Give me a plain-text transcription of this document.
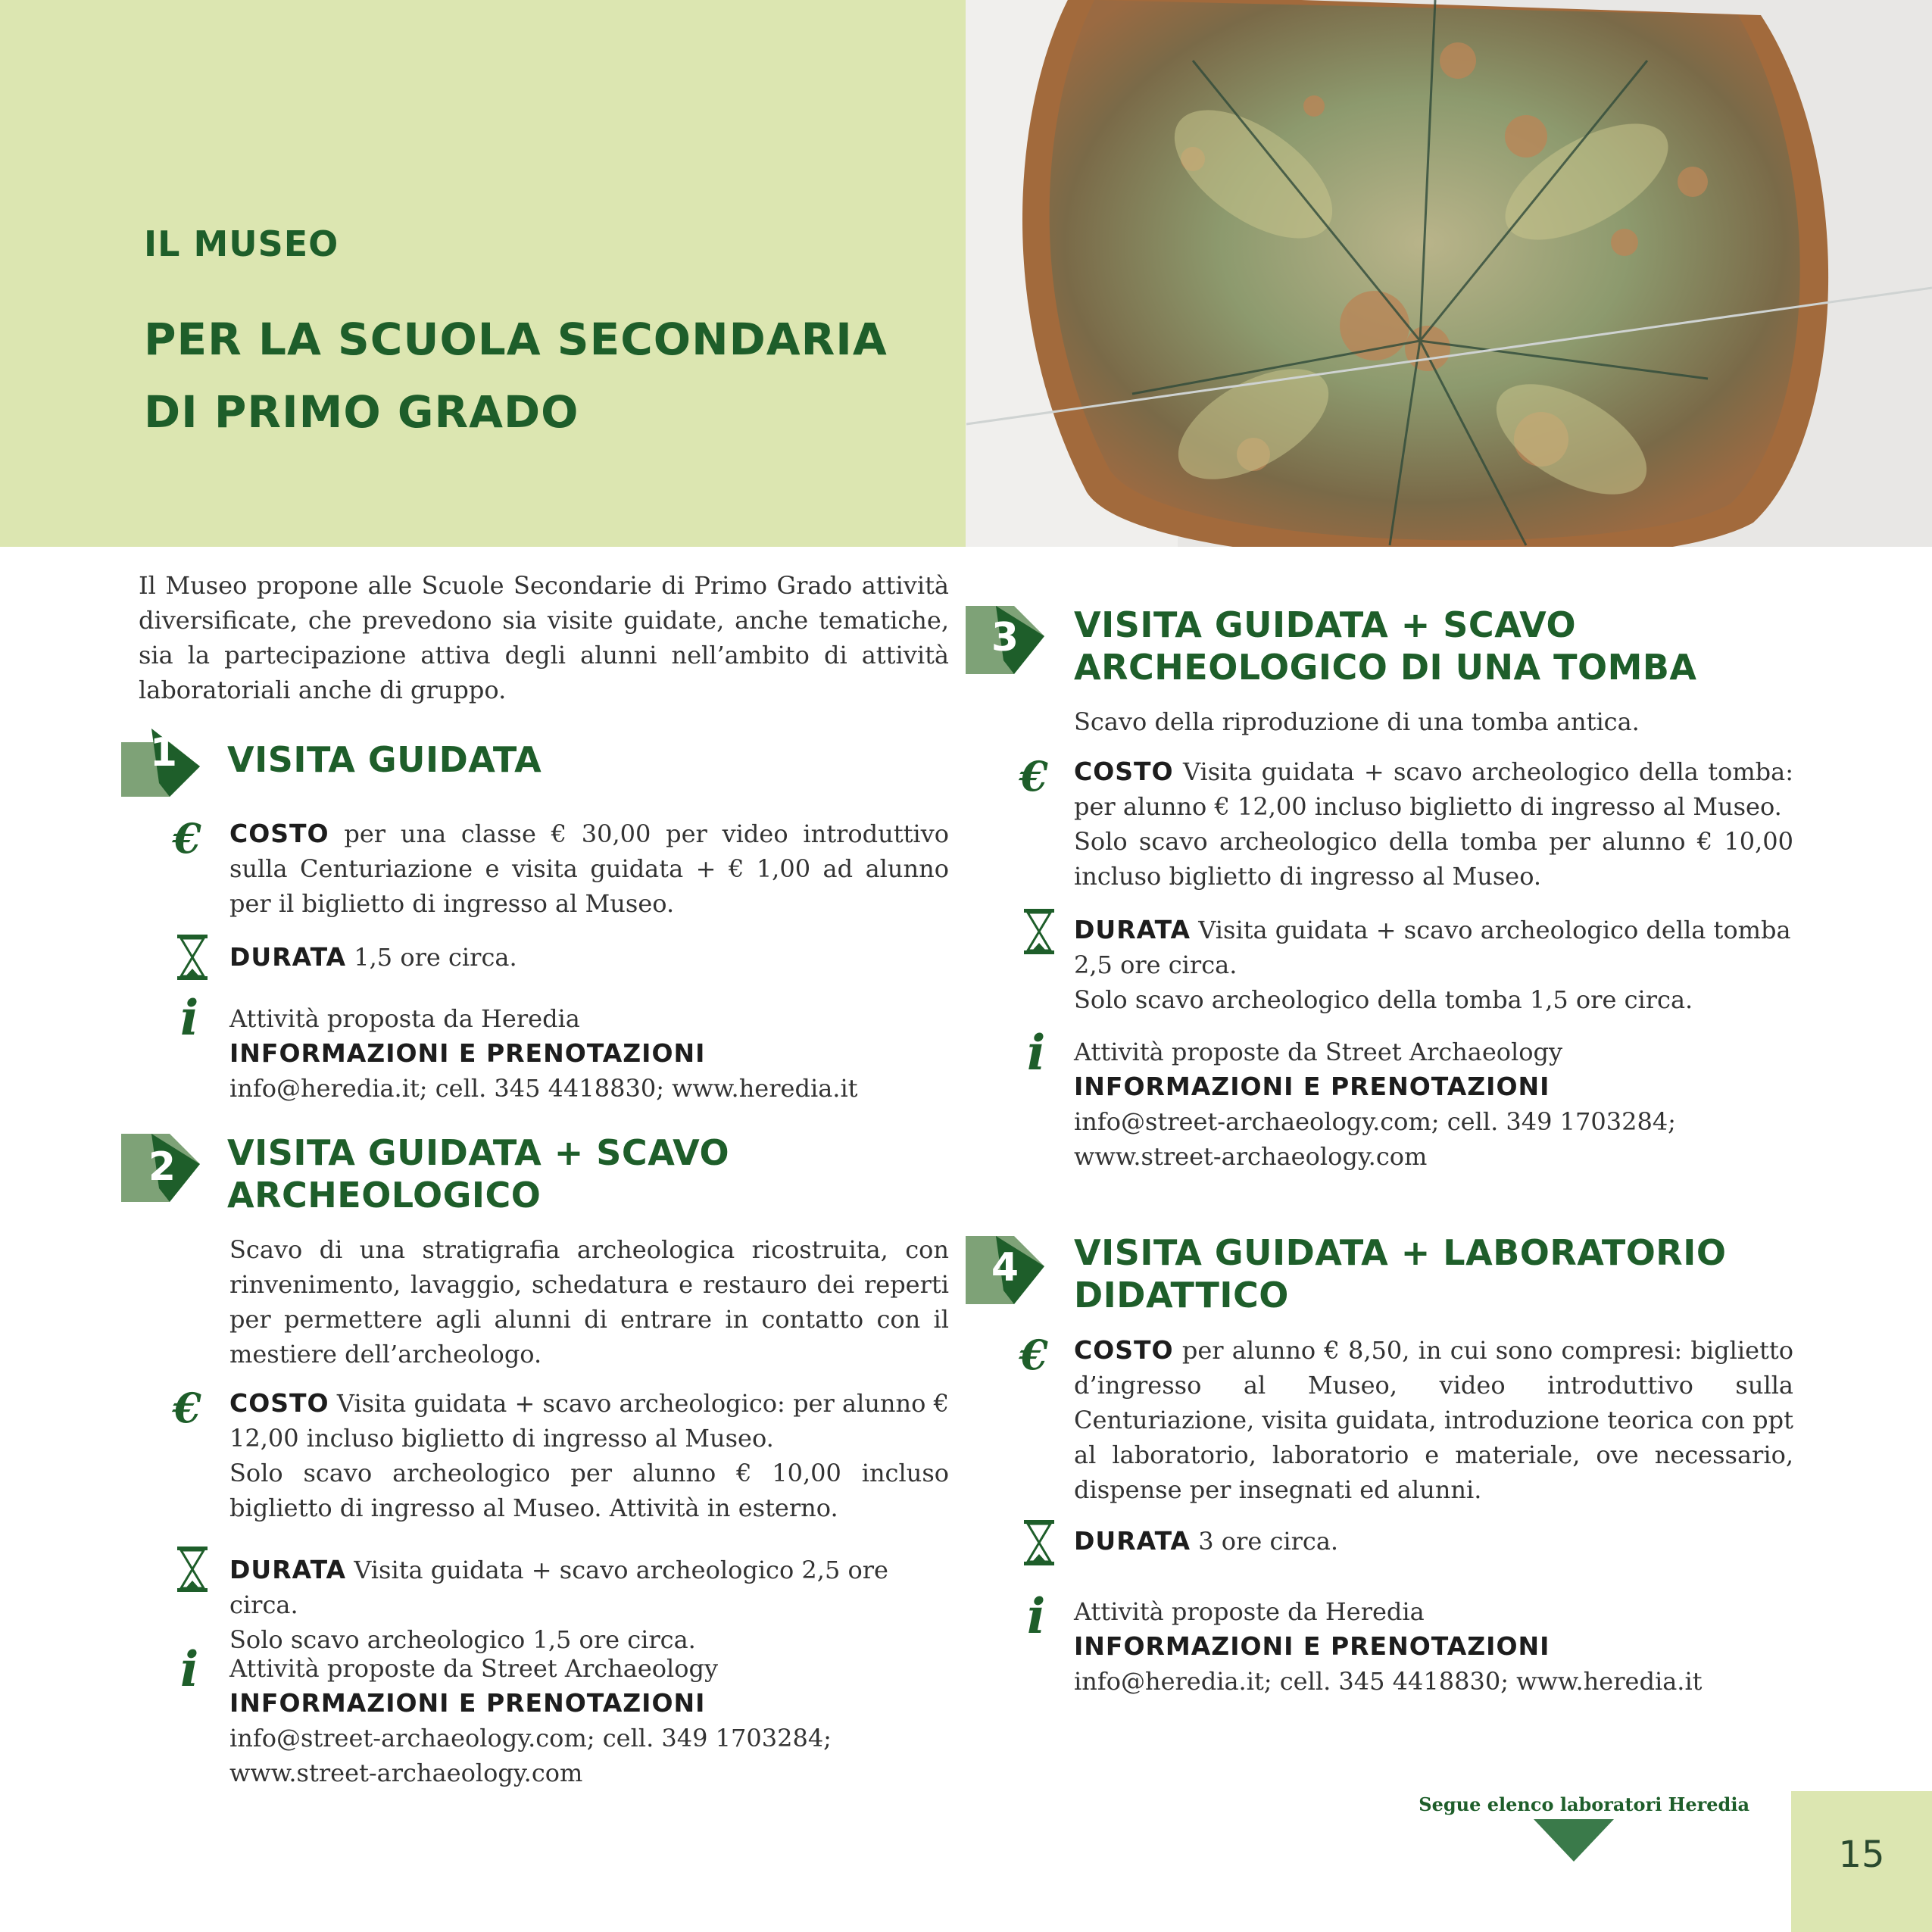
IL MUSEO
PER LA SCUOLA SECONDARIA DI PRIMO GRADO
Il Museo propone alle Scuole Secondarie di Primo Grado attività diversificate, che prevedono sia visite guidate, anche tematiche, sia la partecipazione attiva degli alunni nell’ambito di attività laboratoriali anche di gruppo.
1	VISITA GUIDATA
€ COSTO per una classe € 30,00 per video introduttivo sulla Centuriazione e visita guidata + € 1,00 ad alunno per il biglietto di ingresso al Museo.
DURATA 1,5 ore circa.
i Attività proposta da Heredia

INFORMAZIONI E PRENOTAZIONI

info@heredia.it; cell. 345 4418830; www.heredia.it

2	VISITA GUIDATA + SCAVO ARCHEOLOGICO
Scavo di una stratigrafia archeologica ricostruita, con rinvenimento, lavaggio, schedatura e restauro dei reperti per permettere agli alunni di entrare in contatto con il mestiere dell’archeologo.
€ COSTO Visita guidata + scavo archeologico: per alunno € 12,00 incluso biglietto di ingresso al Museo.

Solo scavo archeologico per alunno € 10,00 incluso biglietto di ingresso al Museo. Attività in esterno.

DURATA Visita guidata + scavo archeologico 2,5 ore circa.

Solo scavo archeologico 1,5 ore circa.

i Attività proposte da Street Archaeology

INFORMAZIONI E PRENOTAZIONI

info@street-archaeology.com; cell. 349 1703284; www.street-archaeology.com

3	VISITA GUIDATA + SCAVO ARCHEOLOGICO DI UNA TOMBA
Scavo della riproduzione di una tomba antica.
€ COSTO Visita guidata + scavo archeologico della tomba: per alunno € 12,00 incluso biglietto di ingresso al Museo.

Solo scavo archeologico della tomba per alunno € 10,00 incluso biglietto di ingresso al Museo.

DURATA Visita guidata + scavo archeologico della tomba 2,5 ore circa.

Solo scavo archeologico della tomba 1,5 ore circa.

i Attività proposte da Street Archaeology

INFORMAZIONI E PRENOTAZIONI

info@street-archaeology.com; cell. 349 1703284; www.street-archaeology.com

4	VISITA GUIDATA + LABORATORIO DIDATTICO
€ COSTO per alunno € 8,50, in cui sono compresi: biglietto d’ingresso al Museo, video introduttivo sulla Centuriazione, visita guidata, introduzione teorica con ppt al laboratorio, laboratorio e materiale, ove necessario, dispense per insegnati ed alunni.
DURATA 3 ore circa.
i Attività proposte da Heredia

INFORMAZIONI E PRENOTAZIONI

info@heredia.it; cell. 345 4418830; www.heredia.it

Segue elenco laboratori Heredia
15
